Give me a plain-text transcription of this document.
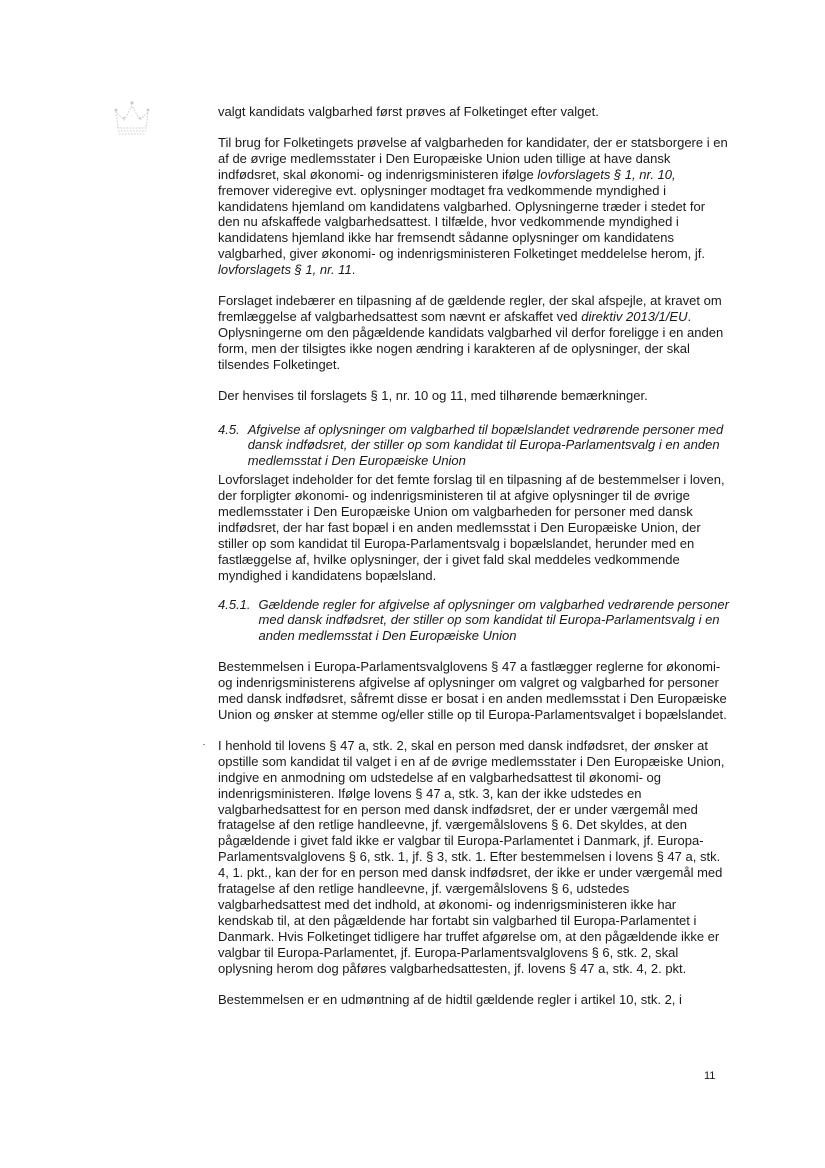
valgt kandidats valgbarhed først prøves af Folketinget efter valget.

Til brug for Folketingets prøvelse af valgbarheden for kandidater, der er statsborgere i en af de øvrige medlemsstater i Den Europæiske Union uden tillige at have dansk indfødsret, skal økonomi- og indenrigsministeren ifølge lovforslagets § 1, nr. 10, fremover videregive evt. oplysninger modtaget fra vedkommende myndighed i kandidatens hjemland om kandidatens valgbarhed. Oplysningerne træder i stedet for den nu afskaffede valgbarhedsattest. I tilfælde, hvor vedkommende myndighed i kandidatens hjemland ikke har fremsendt sådanne oplysninger om kandidatens valgbarhed, giver økonomi- og indenrigsministeren Folketinget meddelelse herom, jf. lovforslagets § 1, nr. 11.

Forslaget indebærer en tilpasning af de gældende regler, der skal afspejle, at kravet om fremlæggelse af valgbarhedsattest som nævnt er afskaffet ved direktiv 2013/1/EU. Oplysningerne om den pågældende kandidats valgbarhed vil derfor foreligge i en anden form, men der tilsigtes ikke nogen ændring i karakteren af de oplysninger, der skal tilsendes Folketinget.

Der henvises til forslagets § 1, nr. 10 og 11, med tilhørende bemærkninger.

4.5. Afgivelse af oplysninger om valgbarhed til bopælslandet vedrørende personer med dansk indfødsret, der stiller op som kandidat til Europa-Parlamentsvalg i en anden medlemsstat i Den Europæiske Union

Lovforslaget indeholder for det femte forslag til en tilpasning af de bestemmelser i loven, der forpligter økonomi- og indenrigsministeren til at afgive oplysninger til de øvrige medlemsstater i Den Europæiske Union om valgbarheden for personer med dansk indfødsret, der har fast bopæl i en anden medlemsstat i Den Europæiske Union, der stiller op som kandidat til Europa-Parlamentsvalg i bopælslandet, herunder med en fastlæggelse af, hvilke oplysninger, der i givet fald skal meddeles vedkommende myndighed i kandidatens bopælsland.

4.5.1. Gældende regler for afgivelse af oplysninger om valgbarhed vedrørende personer med dansk indfødsret, der stiller op som kandidat til Europa-Parlamentsvalg i en anden medlemsstat i Den Europæiske Union

Bestemmelsen i Europa-Parlamentsvalglovens § 47 a fastlægger reglerne for økonomi- og indenrigsministerens afgivelse af oplysninger om valgret og valgbarhed for personer med dansk indfødsret, såfremt disse er bosat i en anden medlemsstat i Den Europæiske Union og ønsker at stemme og/eller stille op til Europa-Parlamentsvalget i bopælslandet.

I henhold til lovens § 47 a, stk. 2, skal en person med dansk indfødsret, der ønsker at opstille som kandidat til valget i en af de øvrige medlemsstater i Den Europæiske Union, indgive en anmodning om udstedelse af en valgbarhedsattest til økonomi- og indenrigsministeren. Ifølge lovens § 47 a, stk. 3, kan der ikke udstedes en valgbarhedsattest for en person med dansk indfødsret, der er under værgemål med fratagelse af den retlige handleevne, jf. værgemålslovens § 6. Det skyldes, at den pågældende i givet fald ikke er valgbar til Europa-Parlamentet i Danmark, jf. Europa-Parlamentsvalglovens § 6, stk. 1, jf. § 3, stk. 1. Efter bestemmelsen i lovens § 47 a, stk. 4, 1. pkt., kan der for en person med dansk indfødsret, der ikke er under værgemål med fratagelse af den retlige handleevne, jf. værgemålslovens § 6, udstedes valgbarhedsattest med det indhold, at økonomi- og indenrigsministeren ikke har kendskab til, at den pågældende har fortabt sin valgbarhed til Europa-Parlamentet i Danmark. Hvis Folketinget tidligere har truffet afgørelse om, at den pågældende ikke er valgbar til Europa-Parlamentet, jf. Europa-Parlamentsvalglovens § 6, stk. 2, skal oplysning herom dog påføres valgbarhedsattesten, jf. lovens § 47 a, stk. 4, 2. pkt.

Bestemmelsen er en udmøntning af de hidtil gældende regler i artikel 10, stk. 2, i

11
